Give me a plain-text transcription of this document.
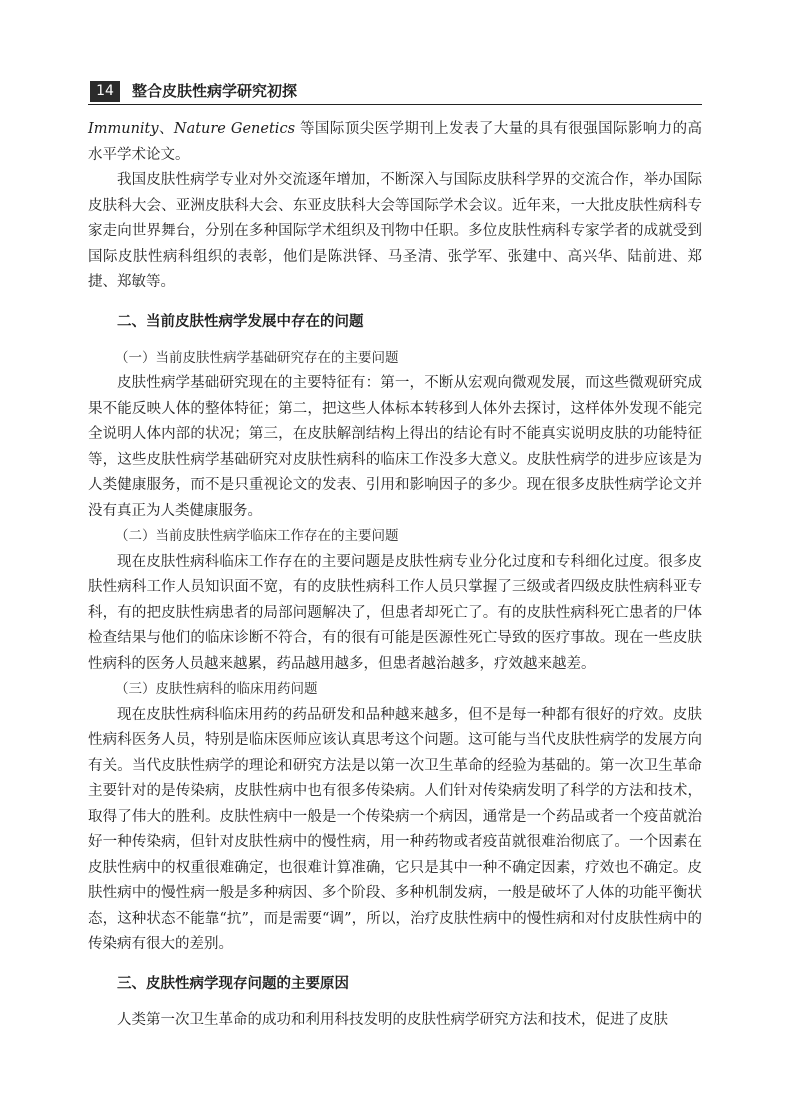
14	整合皮肤性病学研究初探

Immunity、Nature Genetics 等国际顶尖医学期刊上发表了大量的具有很强国际影响力的高水平学术论文。

我国皮肤性病学专业对外交流逐年增加，不断深入与国际皮肤科学界的交流合作，举办国际皮肤科大会、亚洲皮肤科大会、东亚皮肤科大会等国际学术会议。近年来，一大批皮肤性病科专家走向世界舞台，分别在多种国际学术组织及刊物中任职。多位皮肤性病科专家学者的成就受到国际皮肤性病科组织的表彰，他们是陈洪铎、马圣清、张学军、张建中、高兴华、陆前进、郑捷、郑敏等。

二、当前皮肤性病学发展中存在的问题
（一）当前皮肤性病学基础研究存在的主要问题

皮肤性病学基础研究现在的主要特征有：第一，不断从宏观向微观发展，而这些微观研究成果不能反映人体的整体特征；第二，把这些人体标本转移到人体外去探讨，这样体外发现不能完全说明人体内部的状况；第三，在皮肤解剖结构上得出的结论有时不能真实说明皮肤的功能特征等，这些皮肤性病学基础研究对皮肤性病科的临床工作没多大意义。皮肤性病学的进步应该是为人类健康服务，而不是只重视论文的发表、引用和影响因子的多少。现在很多皮肤性病学论文并没有真正为人类健康服务。

（二）当前皮肤性病学临床工作存在的主要问题

现在皮肤性病科临床工作存在的主要问题是皮肤性病专业分化过度和专科细化过度。很多皮肤性病科工作人员知识面不宽，有的皮肤性病科工作人员只掌握了三级或者四级皮肤性病科亚专科，有的把皮肤性病患者的局部问题解决了，但患者却死亡了。有的皮肤性病科死亡患者的尸体检查结果与他们的临床诊断不符合，有的很有可能是医源性死亡导致的医疗事故。现在一些皮肤性病科的医务人员越来越累，药品越用越多，但患者越治越多，疗效越来越差。

（三）皮肤性病科的临床用药问题

现在皮肤性病科临床用药的药品研发和品种越来越多，但不是每一种都有很好的疗效。皮肤性病科医务人员，特别是临床医师应该认真思考这个问题。这可能与当代皮肤性病学的发展方向有关。当代皮肤性病学的理论和研究方法是以第一次卫生革命的经验为基础的。第一次卫生革命主要针对的是传染病，皮肤性病中也有很多传染病。人们针对传染病发明了科学的方法和技术，取得了伟大的胜利。皮肤性病中一般是一个传染病一个病因，通常是一个药品或者一个疫苗就治好一种传染病，但针对皮肤性病中的慢性病，用一种药物或者疫苗就很难治彻底了。一个因素在皮肤性病中的权重很难确定，也很难计算准确，它只是其中一种不确定因素，疗效也不确定。皮肤性病中的慢性病一般是多种病因、多个阶段、多种机制发病，一般是破坏了人体的功能平衡状态，这种状态不能靠“抗”，而是需要“调”，所以，治疗皮肤性病中的慢性病和对付皮肤性病中的传染病有很大的差别。

三、皮肤性病学现存问题的主要原因

人类第一次卫生革命的成功和利用科技发明的皮肤性病学研究方法和技术，促进了皮肤
